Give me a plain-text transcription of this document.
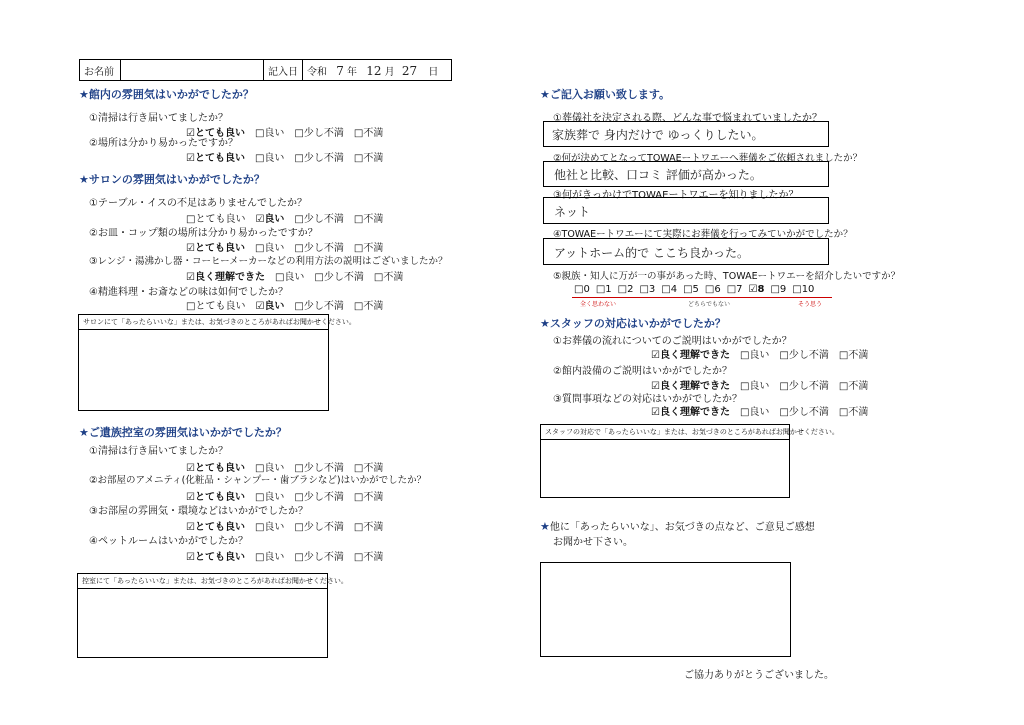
お名前		記入日	令和 7 年 12 月 27 日
★館内の雰囲気はいかがでしたか？
①清掃は行き届いてましたか？
☑とても良い □良い □少し不満 □不満
②場所は分かり易かったですか？
☑とても良い □良い □少し不満 □不満
★サロンの雰囲気はいかがでしたか？
①テーブル・イスの不足はありませんでしたか？
□とても良い ☑良い □少し不満 □不満
②お皿・コップ類の場所は分かり易かったですか？
☑とても良い □良い □少し不満 □不満
③レンジ・湯沸かし器・コーヒーメーカーなどの利用方法の説明はございましたか？
☑良く理解できた □良い □少し不満 □不満
④精進料理・お斎などの味は如何でしたか？
□とても良い ☑良い □少し不満 □不満
サロンにて「あったらいいな」または、お気づきのところがあればお聞かせください。
★ご遺族控室の雰囲気はいかがでしたか？
①清掃は行き届いてましたか？
☑とても良い □良い □少し不満 □不満
②お部屋のアメニティ(化粧品・シャンプー・歯ブラシなど)はいかがでしたか？
☑とても良い □良い □少し不満 □不満
③お部屋の雰囲気・環境などはいかがでしたか？
☑とても良い □良い □少し不満 □不満
④ペットルームはいかがでしたか？
☑とても良い □良い □少し不満 □不満
控室にて「あったらいいな」または、お気づきのところがあればお聞かせください。
★ご記入お願い致します。
①葬儀社を決定される際、どんな事で悩まれていましたか？
家族葬で 身内だけで ゆっくりしたい。
②何が決めてとなってTOWAEートワエーへ葬儀をご依頼されましたか？
他社と比較、口コミ 評価が高かった。
③何がきっかけでTOWAEートワエーを知りましたか？
ネット
④TOWAEートワエーにて実際にお葬儀を行ってみていかがでしたか？
アットホーム的で ここち良かった。
⑤親族・知人に万が一の事があった時、TOWAEートワエーを紹介したいですか？
□0 □1 □2 □3 □4 □5 □6 □7 ☑8 □9 □10
全く思わない	どちらでもない	そう思う
★スタッフの対応はいかがでしたか？
①お葬儀の流れについてのご説明はいかがでしたか？
☑良く理解できた □良い □少し不満 □不満
②館内設備のご説明はいかがでしたか？
☑良く理解できた □良い □少し不満 □不満
③質問事項などの対応はいかがでしたか？
☑良く理解できた □良い □少し不満 □不満
スタッフの対応で「あったらいいな」または、お気づきのところがあればお聞かせください。
★他に「あったらいいな」、お気づきの点など、ご意見ご感想
お聞かせ下さい。
ご協力ありがとうございました。
